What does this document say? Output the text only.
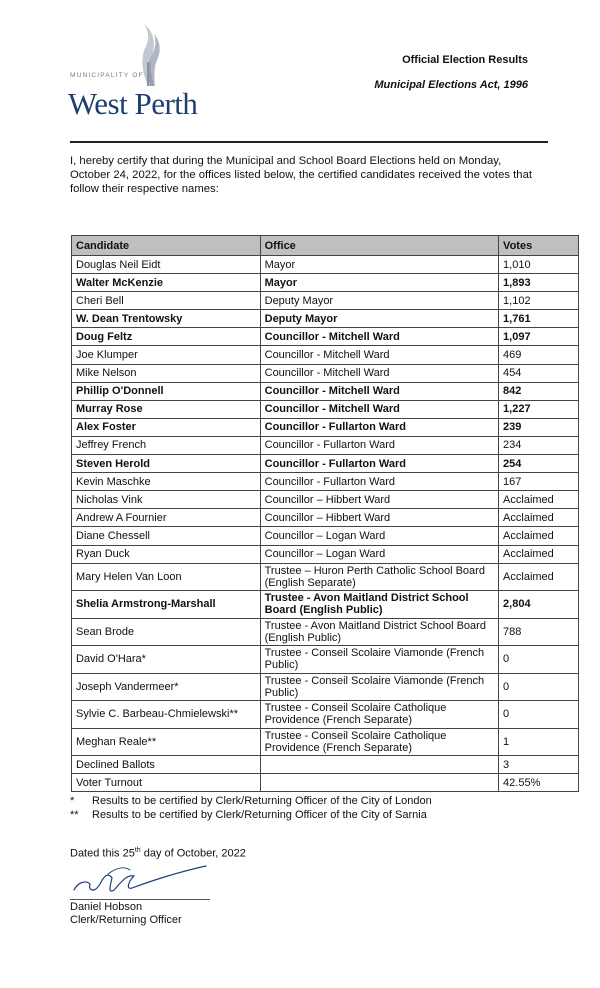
MUNICIPALITY OF
West Perth
Official Election Results
Municipal Elections Act, 1996

I, hereby certify that during the Municipal and School Board Elections held on Monday, October 24, 2022, for the offices listed below, the certified candidates received the votes that follow their respective names:

Candidate	Office	Votes
Douglas Neil Eidt	Mayor	1,010
Walter McKenzie	Mayor	1,893
Cheri Bell	Deputy Mayor	1,102
W. Dean Trentowsky	Deputy Mayor	1,761
Doug Feltz	Councillor - Mitchell Ward	1,097
Joe Klumper	Councillor - Mitchell Ward	469
Mike Nelson	Councillor - Mitchell Ward	454
Phillip O'Donnell	Councillor - Mitchell Ward	842
Murray Rose	Councillor - Mitchell Ward	1,227
Alex Foster	Councillor - Fullarton Ward	239
Jeffrey French	Councillor - Fullarton Ward	234
Steven Herold	Councillor - Fullarton Ward	254
Kevin Maschke	Councillor - Fullarton Ward	167
Nicholas Vink	Councillor – Hibbert Ward	Acclaimed
Andrew A Fournier	Councillor – Hibbert Ward	Acclaimed
Diane Chessell	Councillor – Logan Ward	Acclaimed
Ryan Duck	Councillor – Logan Ward	Acclaimed
Mary Helen Van Loon	Trustee – Huron Perth Catholic School Board (English Separate)	Acclaimed
Shelia Armstrong-Marshall	Trustee - Avon Maitland District School Board (English Public)	2,804
Sean Brode	Trustee - Avon Maitland District School Board (English Public)	788
David O'Hara*	Trustee - Conseil Scolaire Viamonde (French Public)	0
Joseph Vandermeer*	Trustee - Conseil Scolaire Viamonde (French Public)	0
Sylvie C. Barbeau-Chmielewski**	Trustee - Conseil Scolaire Catholique Providence (French Separate)	0
Meghan Reale**	Trustee - Conseil Scolaire Catholique Providence (French Separate)	1
Declined Ballots		3
Voter Turnout		42.55%
* Results to be certified by Clerk/Returning Officer of the City of London
** Results to be certified by Clerk/Returning Officer of the City of Sarnia
Dated this 25th day of October, 2022
Daniel Hobson
Clerk/Returning Officer
